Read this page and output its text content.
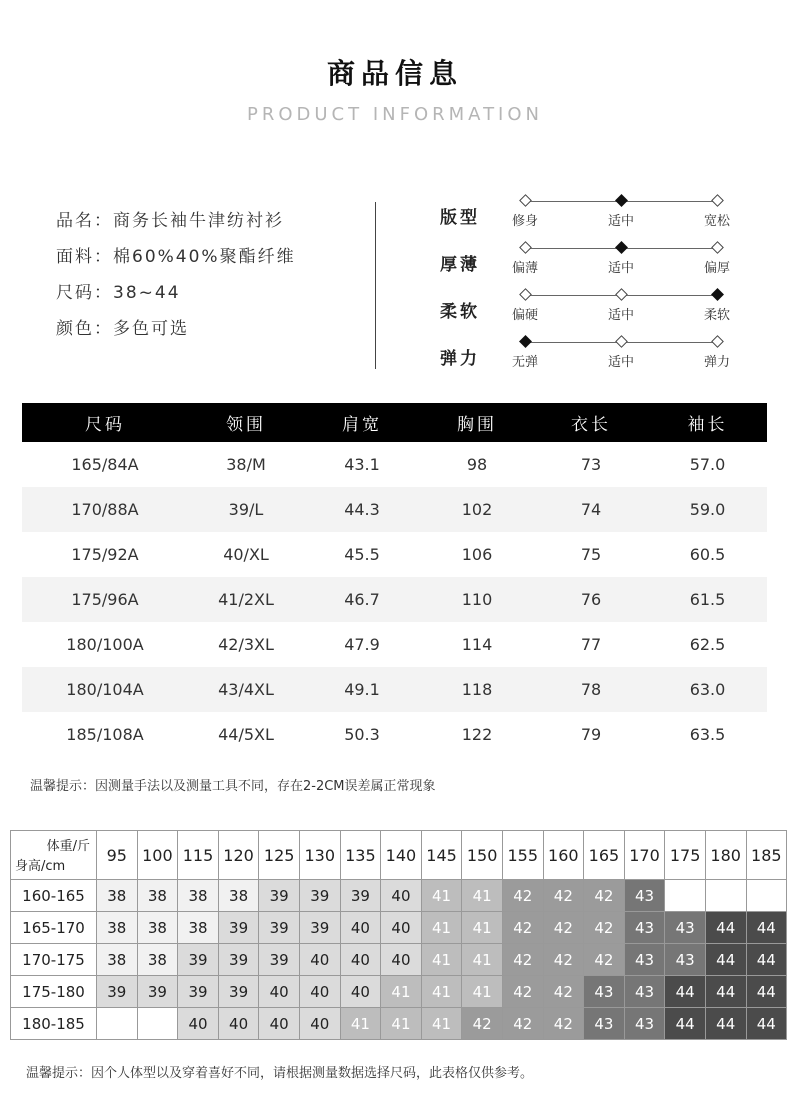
商品信息
PRODUCT INFORMATION
品名：商务长袖牛津纺衬衫
面料：棉60%40%聚酯纤维
尺码：38~44
颜色：多色可选
版型 修身	适中	宽松
厚薄 偏薄	适中	偏厚
柔软 偏硬	适中	柔软
弹力 无弹	适中	弹力
尺码	领围	肩宽	胸围	衣长	袖长
165/84A	38/M	43.1	98	73	57.0
170/88A	39/L	44.3	102	74	59.0
175/92A	40/XL	45.5	106	75	60.5
175/96A	41/2XL	46.7	110	76	61.5
180/100A	42/3XL	47.9	114	77	62.5
180/104A	43/4XL	49.1	118	78	63.0
185/108A	44/5XL	50.3	122	79	63.5
温馨提示：因测量手法以及测量工具不同，存在2-2CM误差属正常现象
体重/斤
身高/cm	95	100	115	120	125	130	135	140	145	150	155	160	165	170	175	180	185
160-165	38	38	38	38	39	39	39	40	41	41	42	42	42	43			
165-170	38	38	38	39	39	39	40	40	41	41	42	42	42	43	43	44	44
170-175	38	38	39	39	39	40	40	40	41	41	42	42	42	43	43	44	44
175-180	39	39	39	39	40	40	40	41	41	41	42	42	43	43	44	44	44
180-185			40	40	40	40	41	41	41	42	42	42	43	43	44	44	44
温馨提示：因个人体型以及穿着喜好不同，请根据测量数据选择尺码，此表格仅供参考。
